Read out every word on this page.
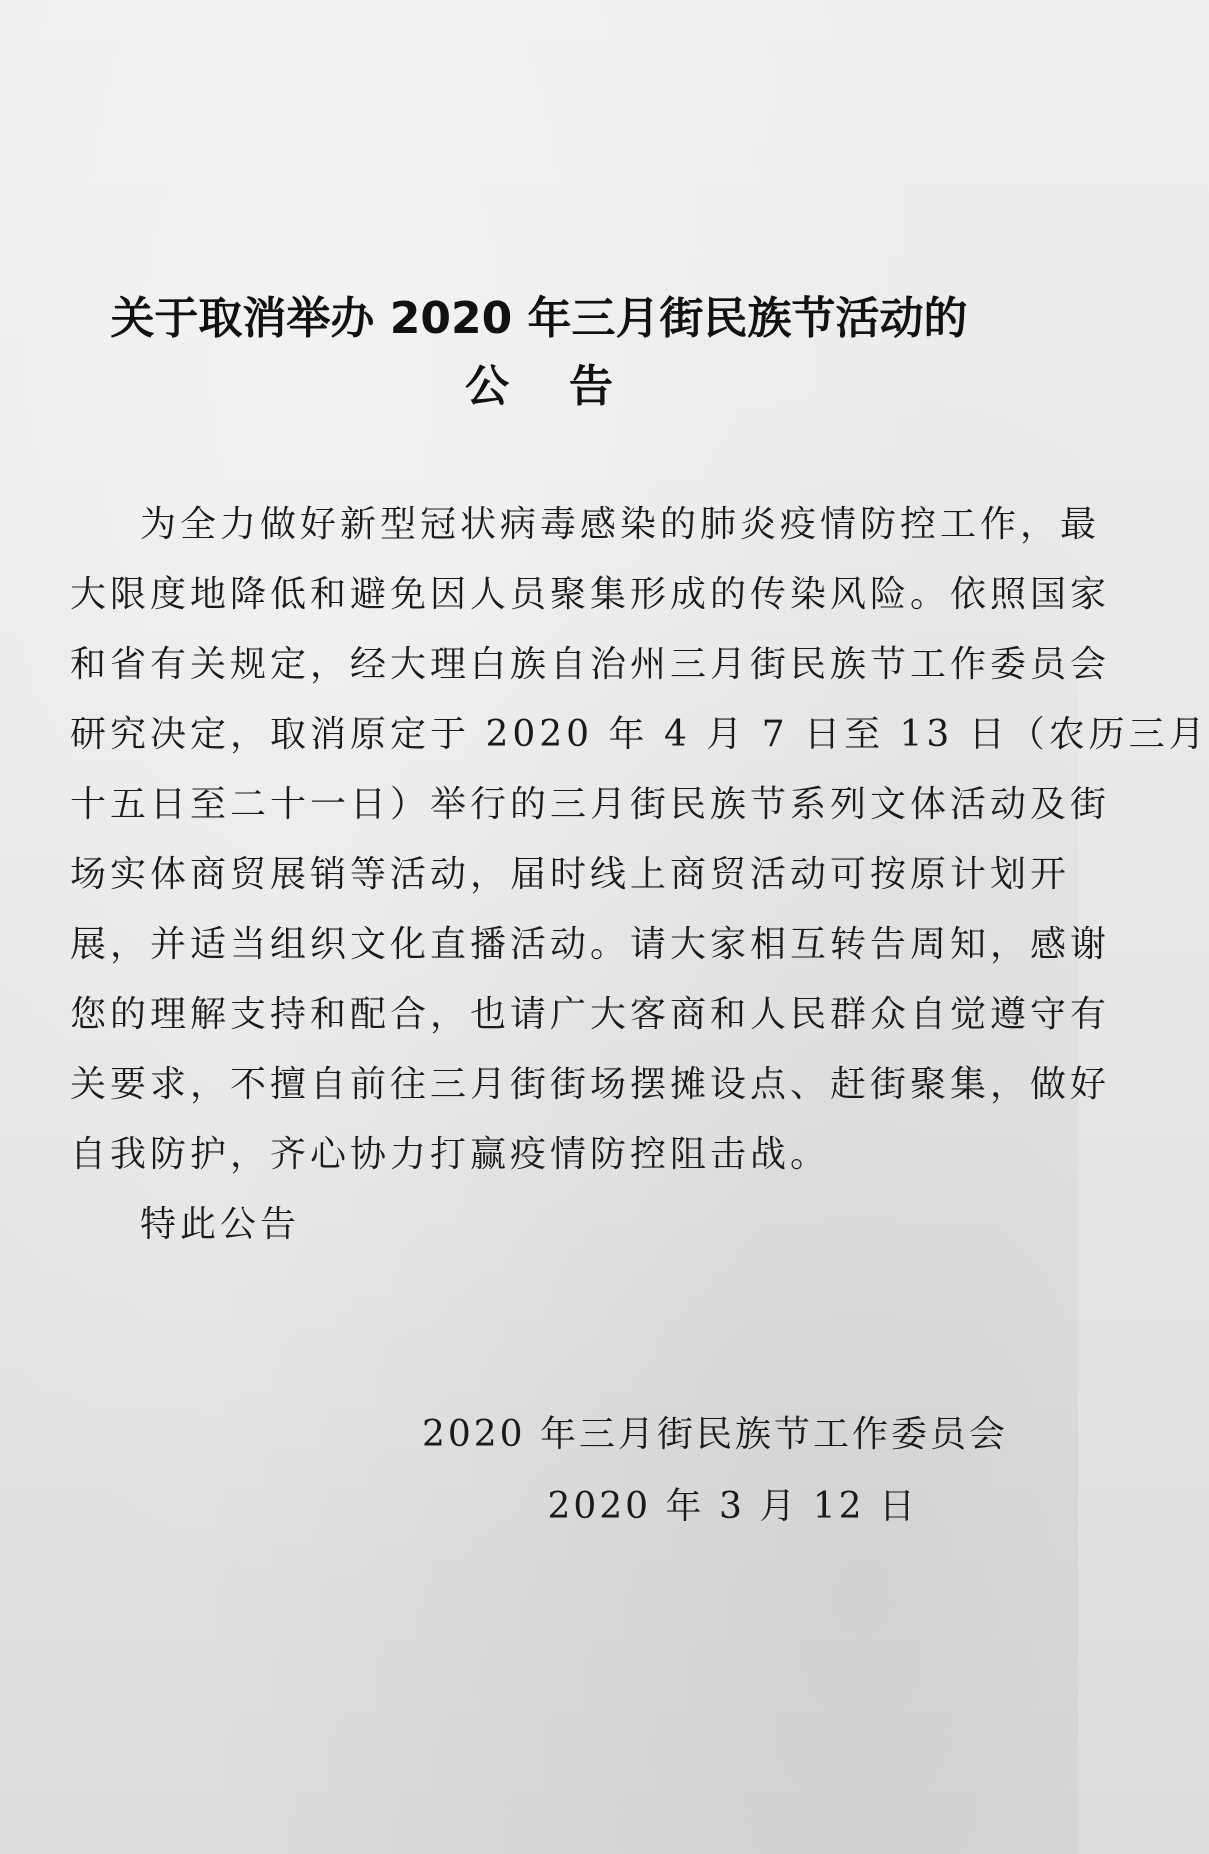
关于取消举办 2020 年三月街民族节活动的
公告
为全力做好新型冠状病毒感染的肺炎疫情防控工作，最
大限度地降低和避免因人员聚集形成的传染风险。依照国家
和省有关规定，经大理白族自治州三月街民族节工作委员会
研究决定，取消原定于 2020 年 4 月 7 日至 13 日（农历三月
十五日至二十一日）举行的三月街民族节系列文体活动及街
场实体商贸展销等活动，届时线上商贸活动可按原计划开
展，并适当组织文化直播活动。请大家相互转告周知，感谢
您的理解支持和配合，也请广大客商和人民群众自觉遵守有
关要求，不擅自前往三月街街场摆摊设点、赶街聚集，做好
自我防护，齐心协力打赢疫情防控阻击战。
特此公告
2020 年三月街民族节工作委员会
2020 年 3 月 12 日
